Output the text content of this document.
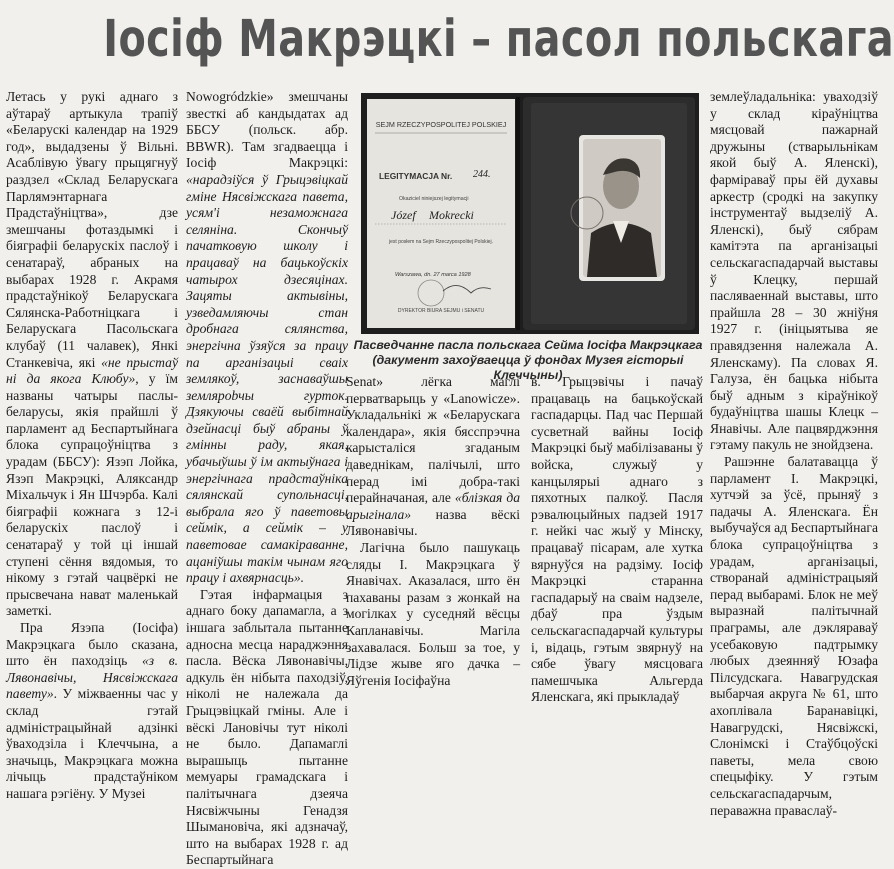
Іосіф Макрэцкі – пасол польскага

Летась у рукі аднаго з аўтараў артыкула трапіў «Беларускі календар на 1929 год», выдадзены ў Вільні. Асаблівую ўвагу прыцягнуў раздзел «Склад Беларускага Парлямэнтарнага Прадстаўніцтва», дзе змешчаны фотаздымкі і біяграфіі беларускіх паслоў і сенатараў, абраных на выбарах 1928 г. Акрамя прадстаўнікоў Беларускага Сялянска-Работніцкага і Беларускага Пасольскага клубаў (11 чалавек), Янкі Станкевіча, які «не прыстаў ні да якога Клюбу», у їм названы чатыры паслы-беларусы, якія прайшлі ў парламент ад Беспартыйнага блока супрацоўніцтва з урадам (ББСУ): Язэп Лойка, Язэп Макрэцкі, Аляксандр Міхальчук і Ян Шчэрба. Калі біяграфіі кожнага з 12-і беларускіх паслоў і сенатараў у той ці іншай ступені сёння вядомыя, то нікому з гэтай чацвёркі не прысвечана нават маленькай заметкі.

Пра Язэпа (Іосіфа) Макрэцкага было сказана, што ён паходзіць «з в. Лявонавічы, Нясвіжскага павету». У міжваенны час у склад гэтай адміністрацыйнай адзінкі ўваходзіла і Клеччына, а значыць, Макрэцкага можна лічыць прадстаўніком нашага рэгіёну. У Музеі

Nowogródzkie» змешчаны звесткі аб кандыдатах ад ББСУ (польск. абр. BBWR). Там згадваецца і Іосіф Макрэцкі: «нарадзіўся ў Грыцэвіцкай гміне Нясвіжскага павета, усям'і незаможнага селяніна. Скончыў пачатковую школу і працаваў на бацькоўскіх чатырох дзесяцінах. Зацяты актывіны, узведамляючы стан дробнага сялянства, энергічна ўзяўся за працу па арганізацыі сваіх землякоў, заснаваўшы землярobчы гурток. Дзякуючы сваёй выбітнай дзейнасці быў абраны ў гмінны раду, якая, убачыўшы ў ім актыўнага і энергічнага прадстаўніка сялянскай супольнасці, выбрала яго ў паветовы сеймік, а сеймік – у паветовае самакіраванне, ацаніўшы такім чынам яго працу і ахвярнасць».

Гэтая інфармацыя з аднаго боку дапамагла, а з іншага заблытала пытанне адносна месца нараджэння пасла. Вёска Лявонавічы, адкуль ён нібыта паходзіў, ніколі не належала да Грыцэвіцкай гміны. Але і вёскі Лановічы тут ніколі не было. Дапамаглі вырашыць пытанне мемуары грамадскага і палітычнага дзеяча Нясвіжчыны Генадзя Шымановіча, які адзначаў, што на выбарах 1928 г. ад Беспартыйнага

SEJM RZECZYPOSPOLITEJ POLSKIEJ
LEGITYMACJA Nr. 244.
Okaziciel niniejszej legitymacji
Józef Mokrecki
jest posłem na Sejm Rzeczypospolitej Polskiej.
Warszawa, dn. 27 marca 1928
DYREKTOR BIURA SEJMU i SENATU
Пасведчанне пасла польскага Сейма Іосіфа Макрэцкага (дакумент захоўваецца ў фондах Музея гісторыі Клеччыны)

Senat» лёгка маглі перватварыць у «Lanowicze». Укладальнікі ж «Беларускага календара», якія бясспрэчна карысталіся згаданым даведнікам, палічылі, што перад імі добра-такі перайначаная, але «блізкая да арыгінала» назва вёскі Лявонавічы.

Лагічна было пашукаць сляды І. Макрэцкага ў Янавічах. Аказалася, што ён пахаваны разам з жонкай на могілках у суседняй вёсцы Капланавічы. Магіла захавалася. Больш за тое, у Лідзе жыве яго дачка – Яўгенія Іосіфаўна

в. Грыцэвічы і пачаў працаваць на бацькоўскай гаспадарцы. Пад час Першай сусветнай вайны Іосіф Макрэцкі быў мабілізаваны ў войска, служыў у канцылярыі аднаго з пяхотных палкоў. Пасля рэвалюцыйных падзей 1917 г. нейкі час жыў у Мінску, працаваў пісарам, але хутка вярнуўся на радзіму. Іосіф Макрэцкі старанна гаспадарыў на сваім надзеле, дбаў пра ўздым сельскагаспадарчай культуры і, відаць, гэтым звярнуў на сябе ўвагу мясцовага памешчыка Альгерда Яленскага, які прыкладаў

землеўладальніка: уваходзіў у склад кіраўніцтва мясцовай пажарнай дружыны (стварыльнікам якой быў А. Яленскі), фарміраваў пры ёй духавы аркестр (сродкі на закупку інструментаў выдзеліў А. Яленскі), быў сябрам камітэта па арганізацыі сельскагаспадарчай выставы ў Клецку, першай пасляваеннай выставы, што прайшла 28 – 30 жніўня 1927 г. (ініцыятыва яе правядзення належала А. Яленскаму). Па словах Я. Галуза, ён бацька нібыта быў адным з кіраўнікоў будаўніцтва шашы Клецк – Янавічы. Але пацвярджэння гэтаму пакуль не знойдзена.

Рашэнне балатавацца ў парламент І. Макрэцкі, хутчэй за ўсё, прыняў з падачы А. Яленскага. Ён выбучаўся ад Беспартыйнага блока супрацоўніцтва з урадам, арганізацыі, створанай адміністрацыяй перад выбарамі. Блок не меў выразнай палітычнай праграмы, але дэкляраваў усебаковую падтрымку любых дзеянняў Юзафа Пілсудскага. Навагрудская выбарчая акруга № 61, што ахоплівала Баранавіцкі, Навагрудскі, Нясвіжскі, Слонімскі і Стаўбцоўскі паветы, мела свою спецыфіку. У гэтым сельскагаспадарчым, пераважна праваслаў-
